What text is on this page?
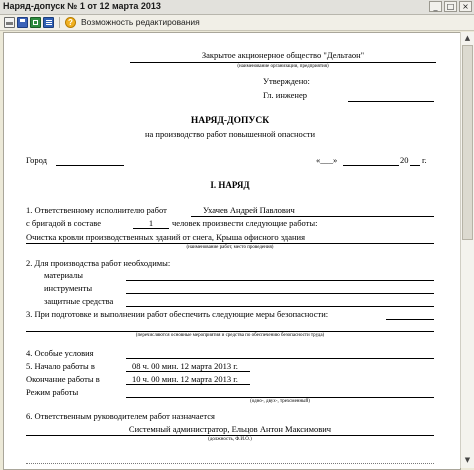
Наряд-допуск № 1 от 12 марта 2013	_	□ ×
? Возможность редактирования
Закрытое акционерное общество "Дельтаон"
(наименование организации, предприятия)
Утверждено:
Гл. инженер
НАРЯД-ДОПУСК
на производство работ повышенной опасности
Город	«___»	20 г.
I. НАРЯД
1. Ответственному исполнителю работ	Ухачев Андрей Павлович
с бригадой в составе	1	человек произвести следующие работы:
Очистка кровли производственных зданий от снега, Крыша офисного здания
(наименование работ, место проведения)
2. Для производства работ необходимы:
материалы
инструменты
защитные средства
3. При подготовке и выполнении работ обеспечить следующие меры безопасности:
(перечисляются основные мероприятия и средства по обеспечению безопасности труда)
4. Особые условия
5. Начало работы в	08 ч. 00 мин. 12 марта 2013 г.
Окончание работы в	10 ч. 00 мин. 12 марта 2013 г.
Режим работы
(одно-, двух-, трехсменный)
6. Ответственным руководителем работ назначается
Системный администратор, Ельцов Антон Максимович
(должность, Ф.И.О.)
▲
▼
